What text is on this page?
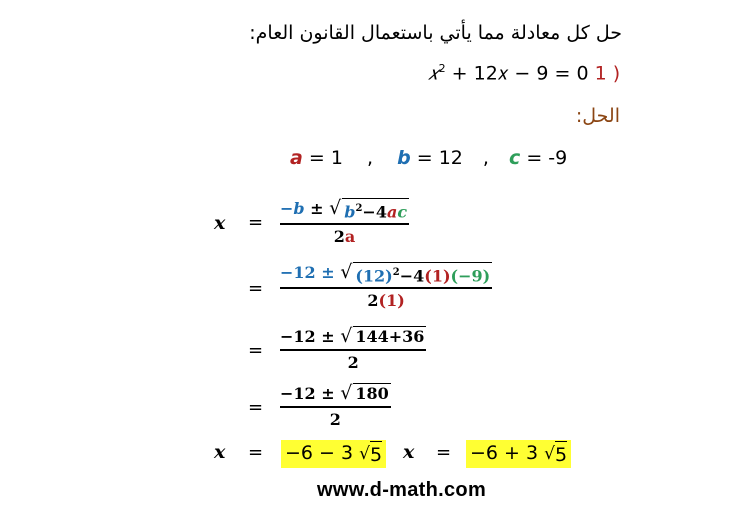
حل كل معادلة مما يأتي باستعمال القانون العام:
𝑥$^2$ + 12𝑥 − 9 = 0 1 )
الحل:
a = 1 , b = 12 , c = -9
x =
−b ± √ $b^2-4ac$
2a
=
−12 ± √ $(12)^2-4(1)(-9)$
2(1)
=
−12 ± √ 144+36
2
=
−12 ± √ 180
2
x = −6 − 3 √ 5 x = −6 + 3 √ 5
www.d-math.com
